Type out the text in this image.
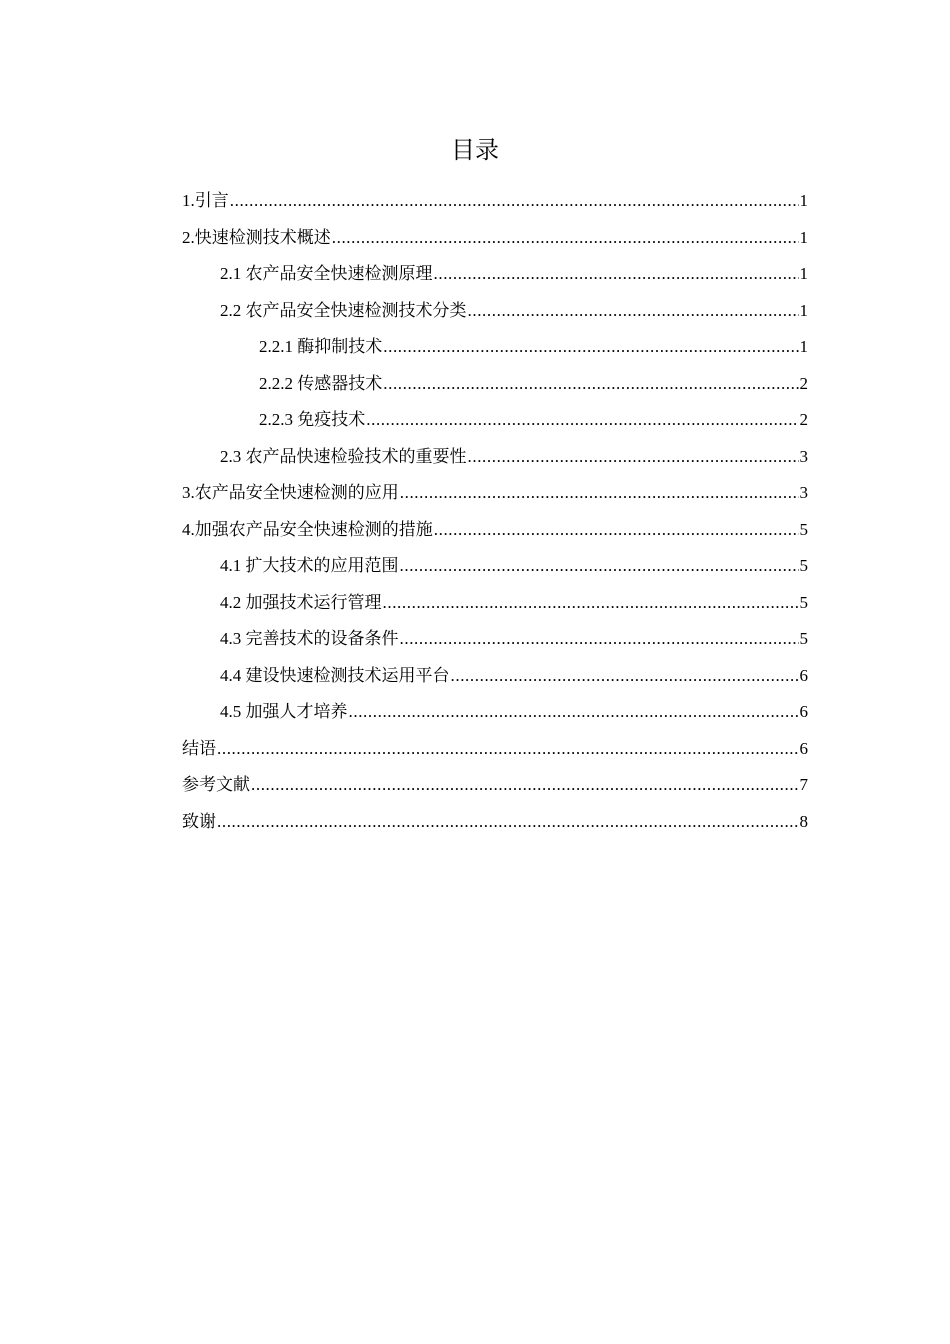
目录
1.引言 .....	1
2.快速检测技术概述 .....	1
2.1 农产品安全快速检测原理 .....	1
2.2 农产品安全快速检测技术分类 .....	1
2.2.1 酶抑制技术 .....	1
2.2.2 传感器技术 .....	2
2.2.3 免疫技术 .....	2
2.3 农产品快速检验技术的重要性 .....	3
3.农产品安全快速检测的应用 .....	3
4.加强农产品安全快速检测的措施 .....	5
4.1 扩大技术的应用范围 .....	5
4.2 加强技术运行管理 .....	5
4.3 完善技术的设备条件 .....	5
4.4 建设快速检测技术运用平台 .....	6
4.5 加强人才培养 .....	6
结语 .....	6
参考文献 .....	7
致谢 .....	8
